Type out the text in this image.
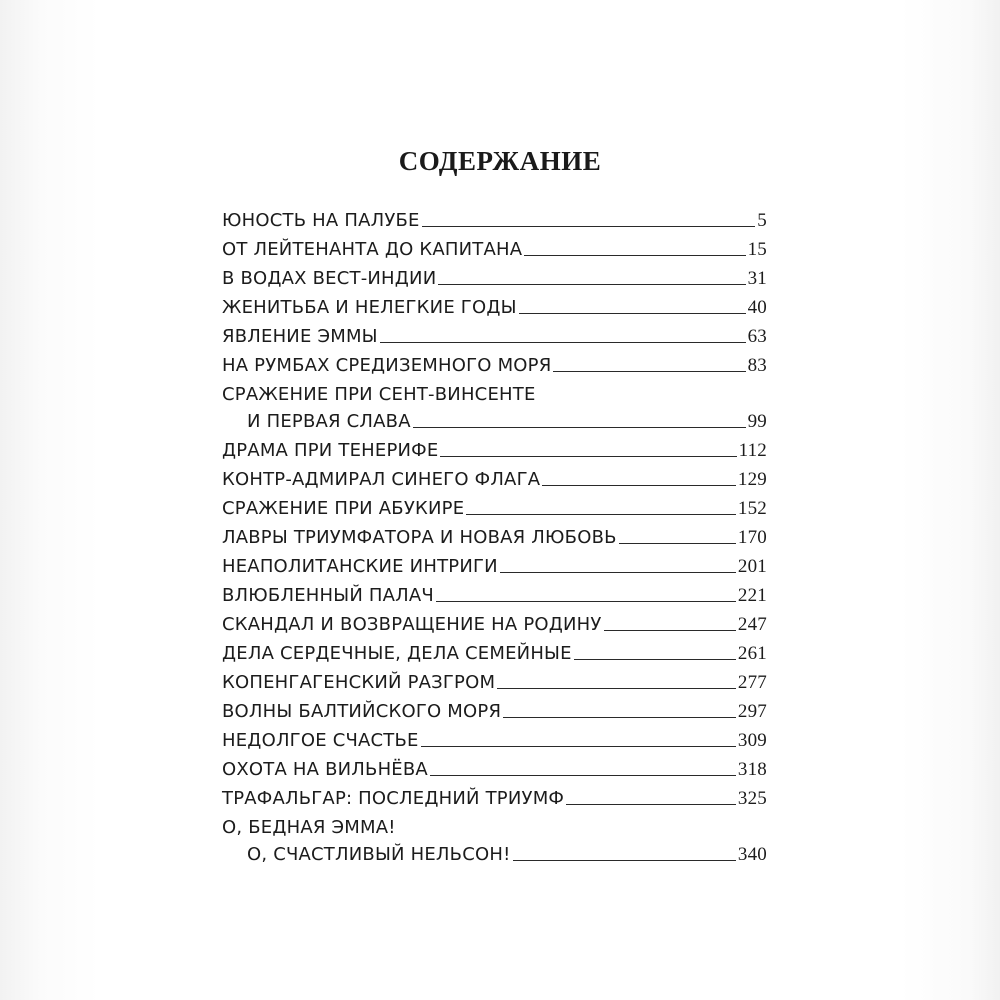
СОДЕРЖАНИЕ
ЮНОСТЬ НА ПАЛУБЕ	5
ОТ ЛЕЙТЕНАНТА ДО КАПИТАНА	15
В ВОДАХ ВЕСТ-ИНДИИ	31
ЖЕНИТЬБА И НЕЛЕГКИЕ ГОДЫ	40
ЯВЛЕНИЕ ЭММЫ	63
НА РУМБАХ СРЕДИЗЕМНОГО МОРЯ	83
СРАЖЕНИЕ ПРИ СЕНТ-ВИНСЕНТЕ
И ПЕРВАЯ СЛАВА	99
ДРАМА ПРИ ТЕНЕРИФЕ	112
КОНТР-АДМИРАЛ СИНЕГО ФЛАГА	129
СРАЖЕНИЕ ПРИ АБУКИРЕ	152
ЛАВРЫ ТРИУМФАТОРА И НОВАЯ ЛЮБОВЬ	170
НЕАПОЛИТАНСКИЕ ИНТРИГИ	201
ВЛЮБЛЕННЫЙ ПАЛАЧ	221
СКАНДАЛ И ВОЗВРАЩЕНИЕ НА РОДИНУ	247
ДЕЛА СЕРДЕЧНЫЕ, ДЕЛА СЕМЕЙНЫЕ	261
КОПЕНГАГЕНСКИЙ РАЗГРОМ	277
ВОЛНЫ БАЛТИЙСКОГО МОРЯ	297
НЕДОЛГОЕ СЧАСТЬЕ	309
ОХОТА НА ВИЛЬНЁВА	318
ТРАФАЛЬГАР: ПОСЛЕДНИЙ ТРИУМФ	325
О, БЕДНАЯ ЭММА!
О, СЧАСТЛИВЫЙ НЕЛЬСОН!	340
